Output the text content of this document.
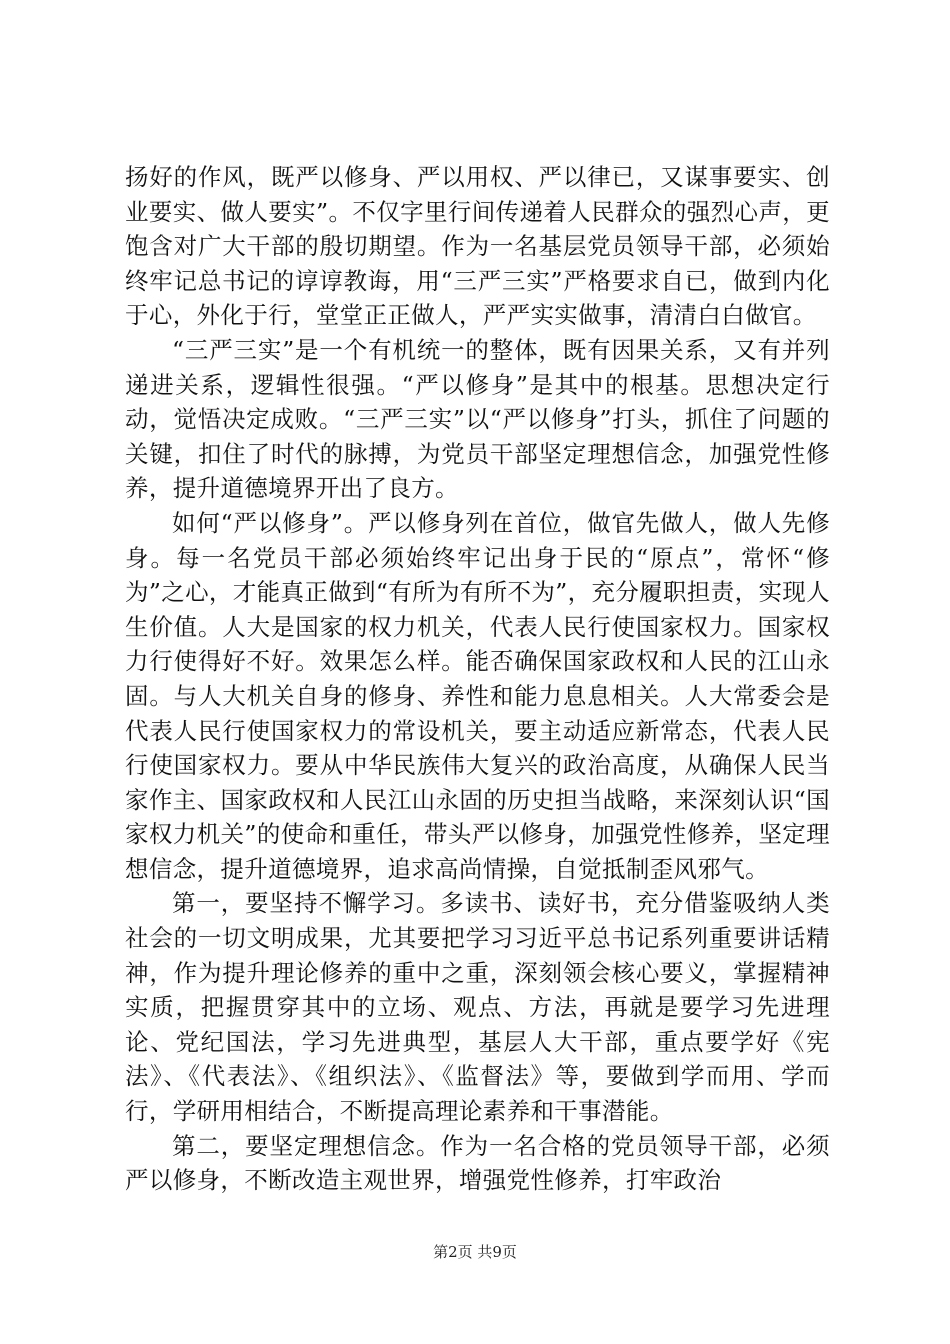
扬好的作风，既严以修身、严以用权、严以律已，又谋事要实、创业要实、做人要实”。不仅字里行间传递着人民群众的强烈心声，更饱含对广大干部的殷切期望。作为一名基层党员领导干部，必须始终牢记总书记的谆谆教诲，用“三严三实”严格要求自已，做到内化于心，外化于行，堂堂正正做人，严严实实做事，清清白白做官。

“三严三实”是一个有机统一的整体，既有因果关系，又有并列递进关系，逻辑性很强。“严以修身”是其中的根基。思想决定行动，觉悟决定成败。“三严三实”以“严以修身”打头，抓住了问题的关键，扣住了时代的脉搏，为党员干部坚定理想信念，加强党性修养，提升道德境界开出了良方。

如何“严以修身”。严以修身列在首位，做官先做人，做人先修身。每一名党员干部必须始终牢记出身于民的“原点”，常怀“修为”之心，才能真正做到“有所为有所不为”，充分履职担责，实现人生价值。人大是国家的权力机关，代表人民行使国家权力。国家权力行使得好不好。效果怎么样。能否确保国家政权和人民的江山永固。与人大机关自身的修身、养性和能力息息相关。人大常委会是代表人民行使国家权力的常设机关，要主动适应新常态，代表人民行使国家权力。要从中华民族伟大复兴的政治高度，从确保人民当家作主、国家政权和人民江山永固的历史担当战略，来深刻认识“国家权力机关”的使命和重任，带头严以修身，加强党性修养，坚定理想信念，提升道德境界，追求高尚情操，自觉抵制歪风邪气。

第一，要坚持不懈学习。多读书、读好书，充分借鉴吸纳人类社会的一切文明成果，尤其要把学习习近平总书记系列重要讲话精神，作为提升理论修养的重中之重，深刻领会核心要义，掌握精神实质，把握贯穿其中的立场、观点、方法，再就是要学习先进理论、党纪国法，学习先进典型，基层人大干部，重点要学好《宪法》、《代表法》、《组织法》、《监督法》等，要做到学而用、学而行，学研用相结合，不断提高理论素养和干事潜能。

第二，要坚定理想信念。作为一名合格的党员领导干部，必须严以修身，不断改造主观世界，增强党性修养，打牢政治

第2页 共9页
